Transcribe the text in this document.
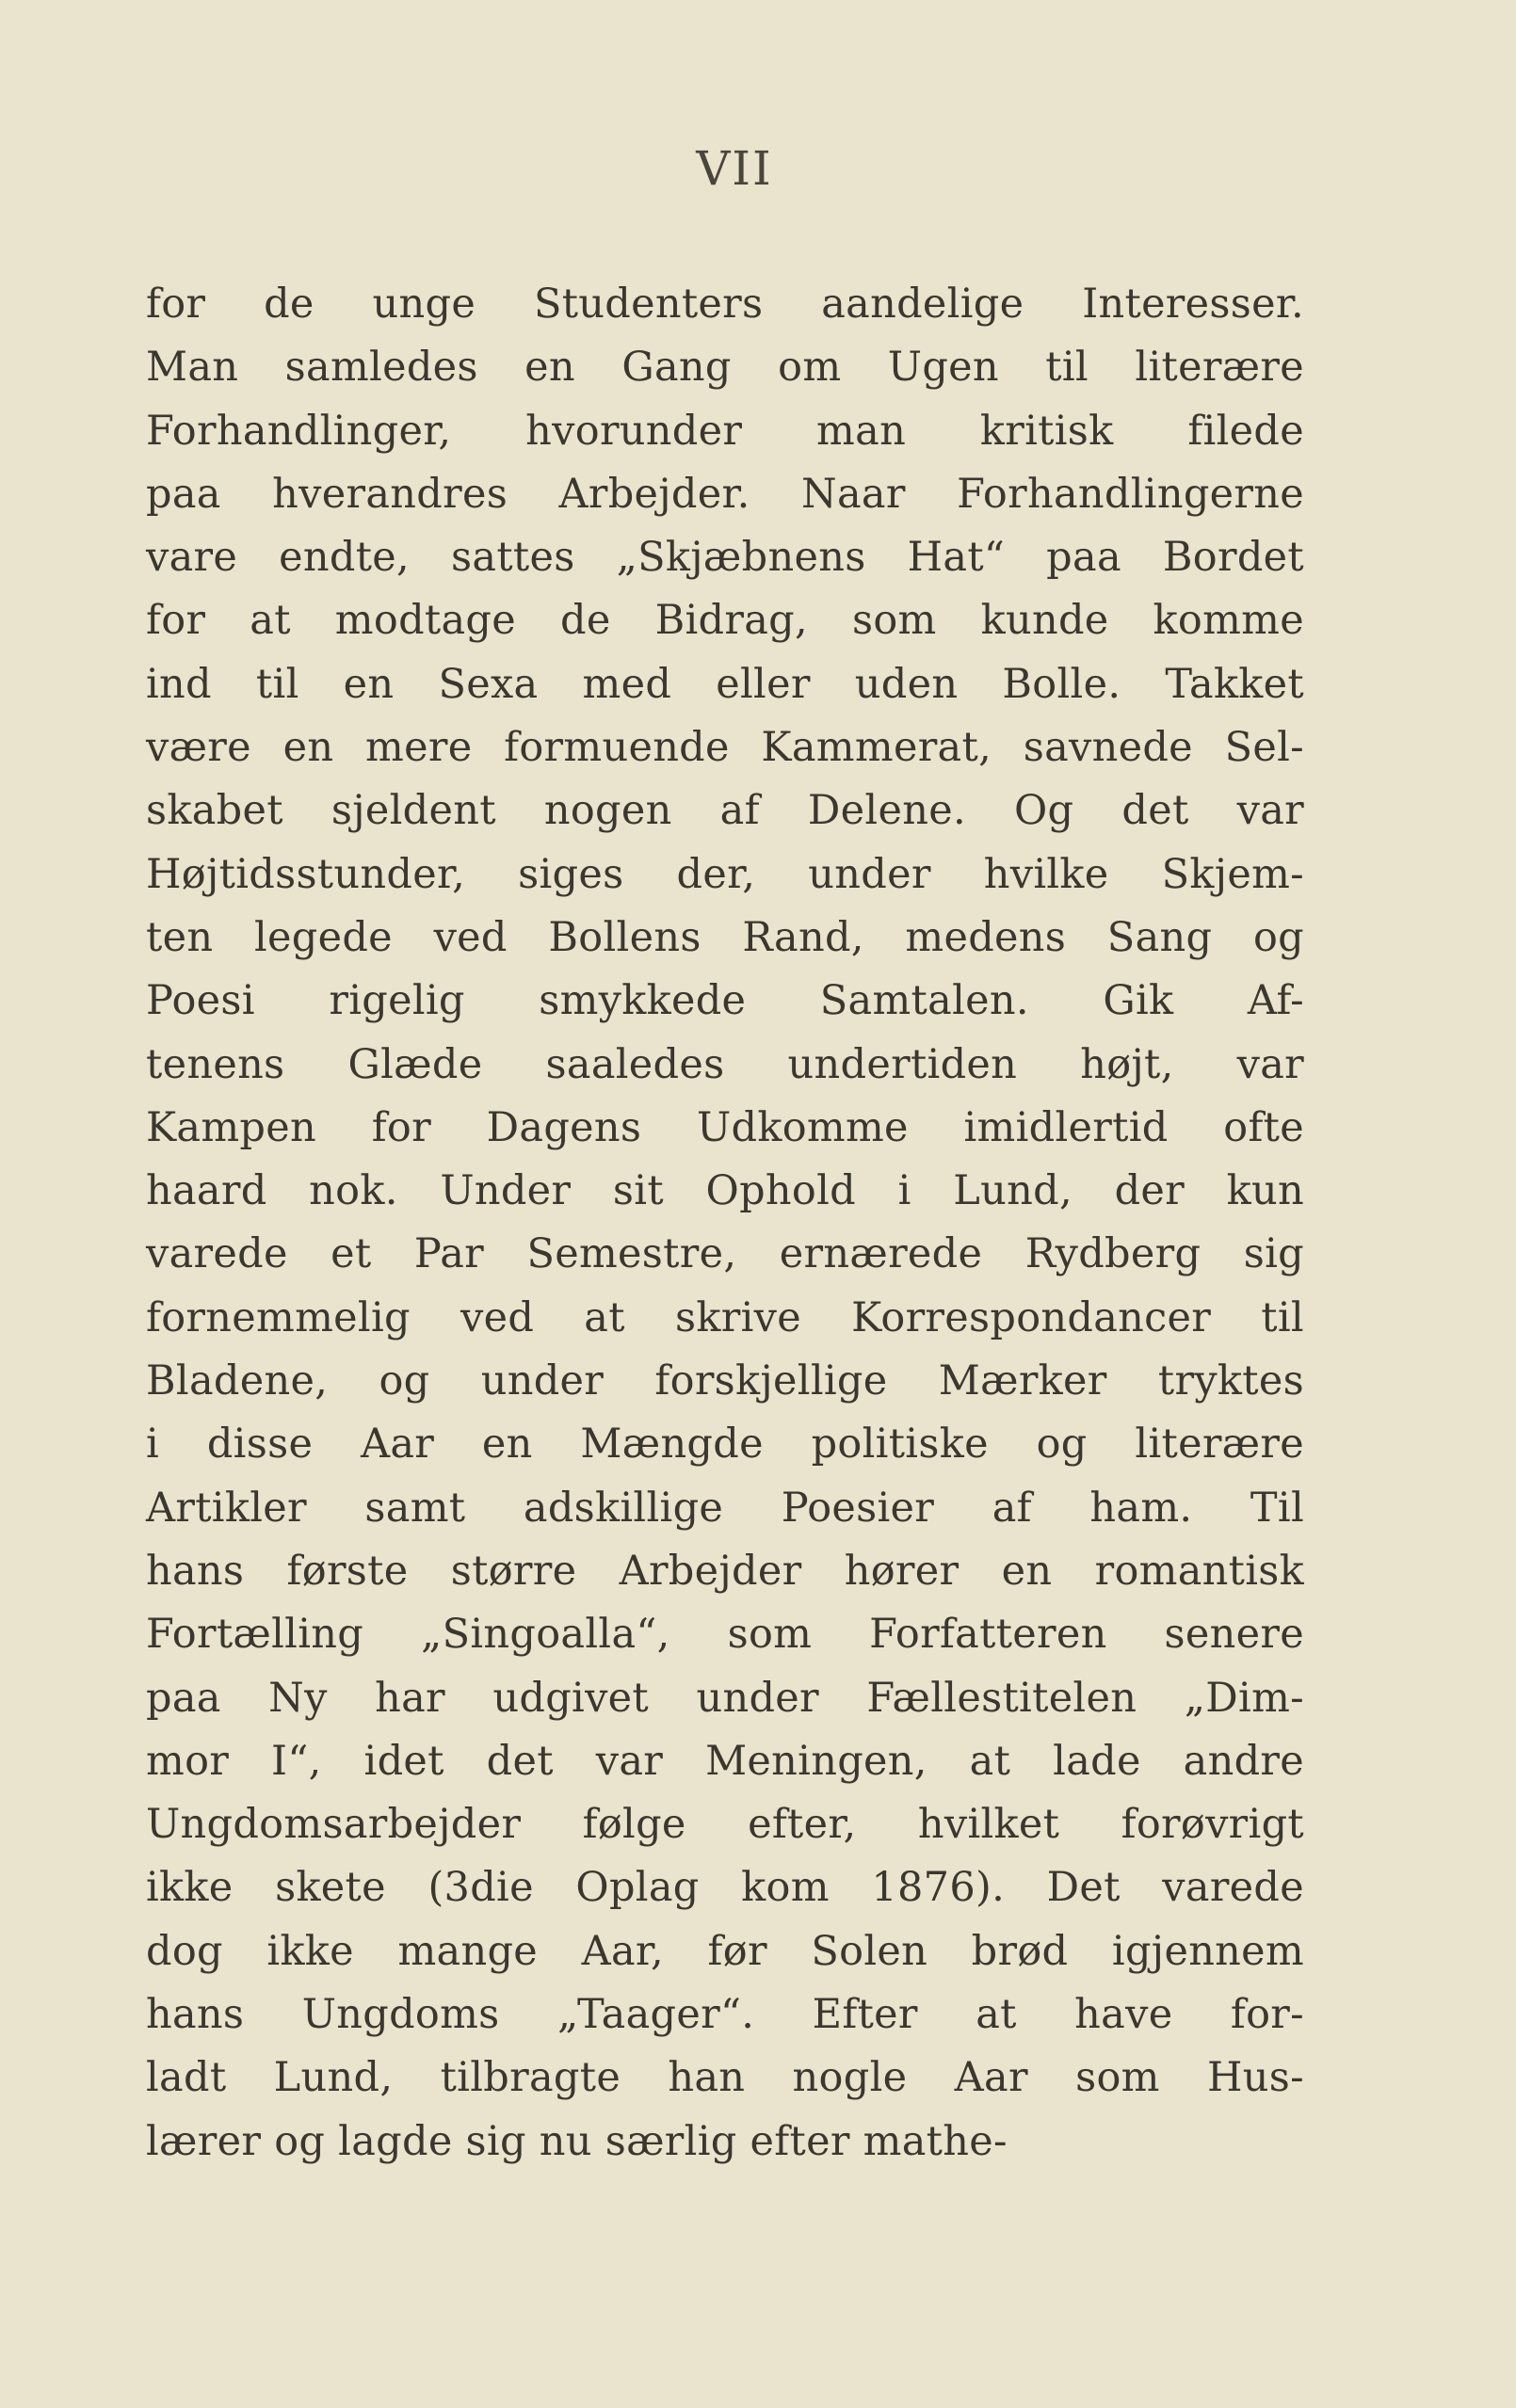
VII
for de unge Studenters aandelige Interesser.
Man samledes en Gang om Ugen til literære
Forhandlinger, hvorunder man kritisk filede
paa hverandres Arbejder. Naar Forhandlingerne
vare endte, sattes „Skjæbnens Hat“ paa Bordet
for at modtage de Bidrag, som kunde komme
ind til en Sexa med eller uden Bolle. Takket
være en mere formuende Kammerat, savnede Sel-
skabet sjeldent nogen af Delene. Og det var
Højtidsstunder, siges der, under hvilke Skjem-
ten legede ved Bollens Rand, medens Sang og
Poesi rigelig smykkede Samtalen. Gik Af-
tenens Glæde saaledes undertiden højt, var
Kampen for Dagens Udkomme imidlertid ofte
haard nok. Under sit Ophold i Lund, der kun
varede et Par Semestre, ernærede Rydberg sig
fornemmelig ved at skrive Korrespondancer til
Bladene, og under forskjellige Mærker tryktes
i disse Aar en Mængde politiske og literære
Artikler samt adskillige Poesier af ham. Til
hans første større Arbejder hører en romantisk
Fortælling „Singoalla“, som Forfatteren senere
paa Ny har udgivet under Fællestitelen „Dim-
mor I“, idet det var Meningen, at lade andre
Ungdomsarbejder følge efter, hvilket forøvrigt
ikke skete (3die Oplag kom 1876). Det varede
dog ikke mange Aar, før Solen brød igjennem
hans Ungdoms „Taager“. Efter at have for-
ladt Lund, tilbragte han nogle Aar som Hus-
lærer og lagde sig nu særlig efter mathe-
